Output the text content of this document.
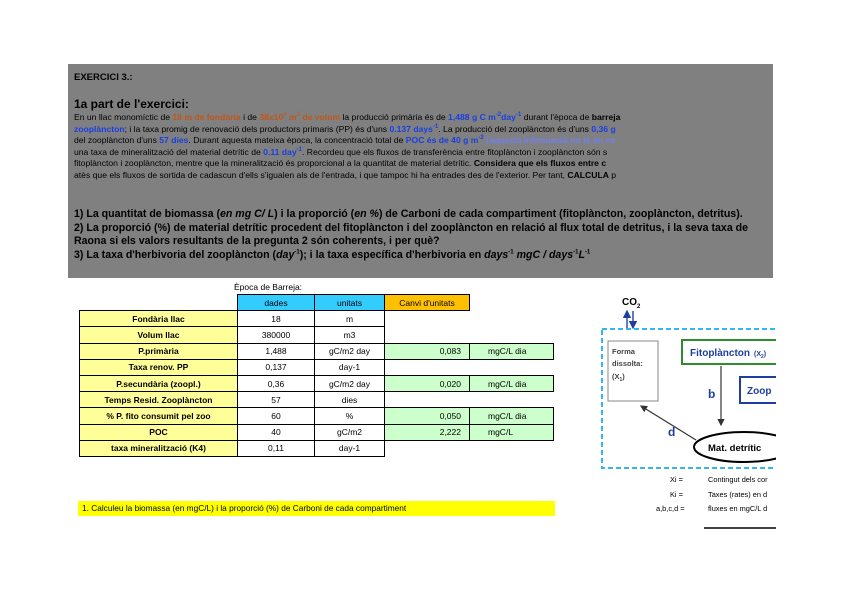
EXERCICI 3.:
1a part de l'exercici:
En un llac monomíctic de 18 m de fondària i de $38x10^4$ $m^2$ de volum la producció primària és de 1,488 g C $m^{-2}day^{-1}$ durant l'època de barreja
zooplàncton; i la taxa promig de renovació dels productors primaris (PP) és d'uns 0.137 days$^{-1}$. La producció del zooplàncton és d'uns 0,36 g
del zooplàncton d'uns 57 dies. Durant aquesta mateixa època, la concentració total de POC és de 40 g $m^{-2}$ (aquesta informació no té en co
una taxa de mineralització del material detrític de 0.11 day$^{-1}$. Recordeu que els fluxos de transferència entre fitoplàncton i zooplàncton són s
fitoplàncton i zooplàncton, mentre que la mineralització és proporcional a la quantitat de material detrític. Considera que els fluxos entre c
atès que els fluxos de sortida de cadascun d'ells s'igualen als de l'entrada, i que tampoc hi ha entrades des de l'exterior. Per tant, CALCULA p
1) La quantitat de biomassa (en mg C/ L) i la proporció (en %) de Carboni de cada compartiment (fitoplàncton, zooplàncton, detritus).
2) La proporció (%) de material detrític procedent del fitoplàncton i del zooplàncton en relació al flux total de detritus, i la seva taxa de
Raona si els valors resultants de la pregunta 2 són coherents, i per què?
3) La taxa d'herbivoria del zooplàncton (day$^{-1}$); i la taxa específica d'herbivoria en days$^{-1}$ mgC / $days^{-1}L^{-1}$
Època de Barreja:
	dades	unitats	Canvi d'unitats	
Fondària llac	18	m		
Volum llac	380000	m3		
P.primària	1,488	gC/m2 day	0,083	mgC/L dia
Taxa renov. PP	0,137	day-1		
P.secundària (zoopl.)	0,36	gC/m2 day	0,020	mgC/L dia
Temps Resid. Zooplàncton	57	dies		
% P. fito consumit pel zoo	60	%	0,050	mgC/L dia
POC	40	gC/m2	2,222	mgC/L
taxa mineralització (K4)	0,11	day-1		
1. Calculeu la biomassa (en mgC/L) i la proporció (%) de Carboni de cada compartiment
$CO_2$
Forma
dissolta:
$(X_1)$
Fitoplàncton ($X_2^)$
Zoop
b
d
Mat. detrític
Xi =	Contingut dels cor
Ki =	Taxes (rates) en d
a,b,c,d =	fluxes en mgC/L d
